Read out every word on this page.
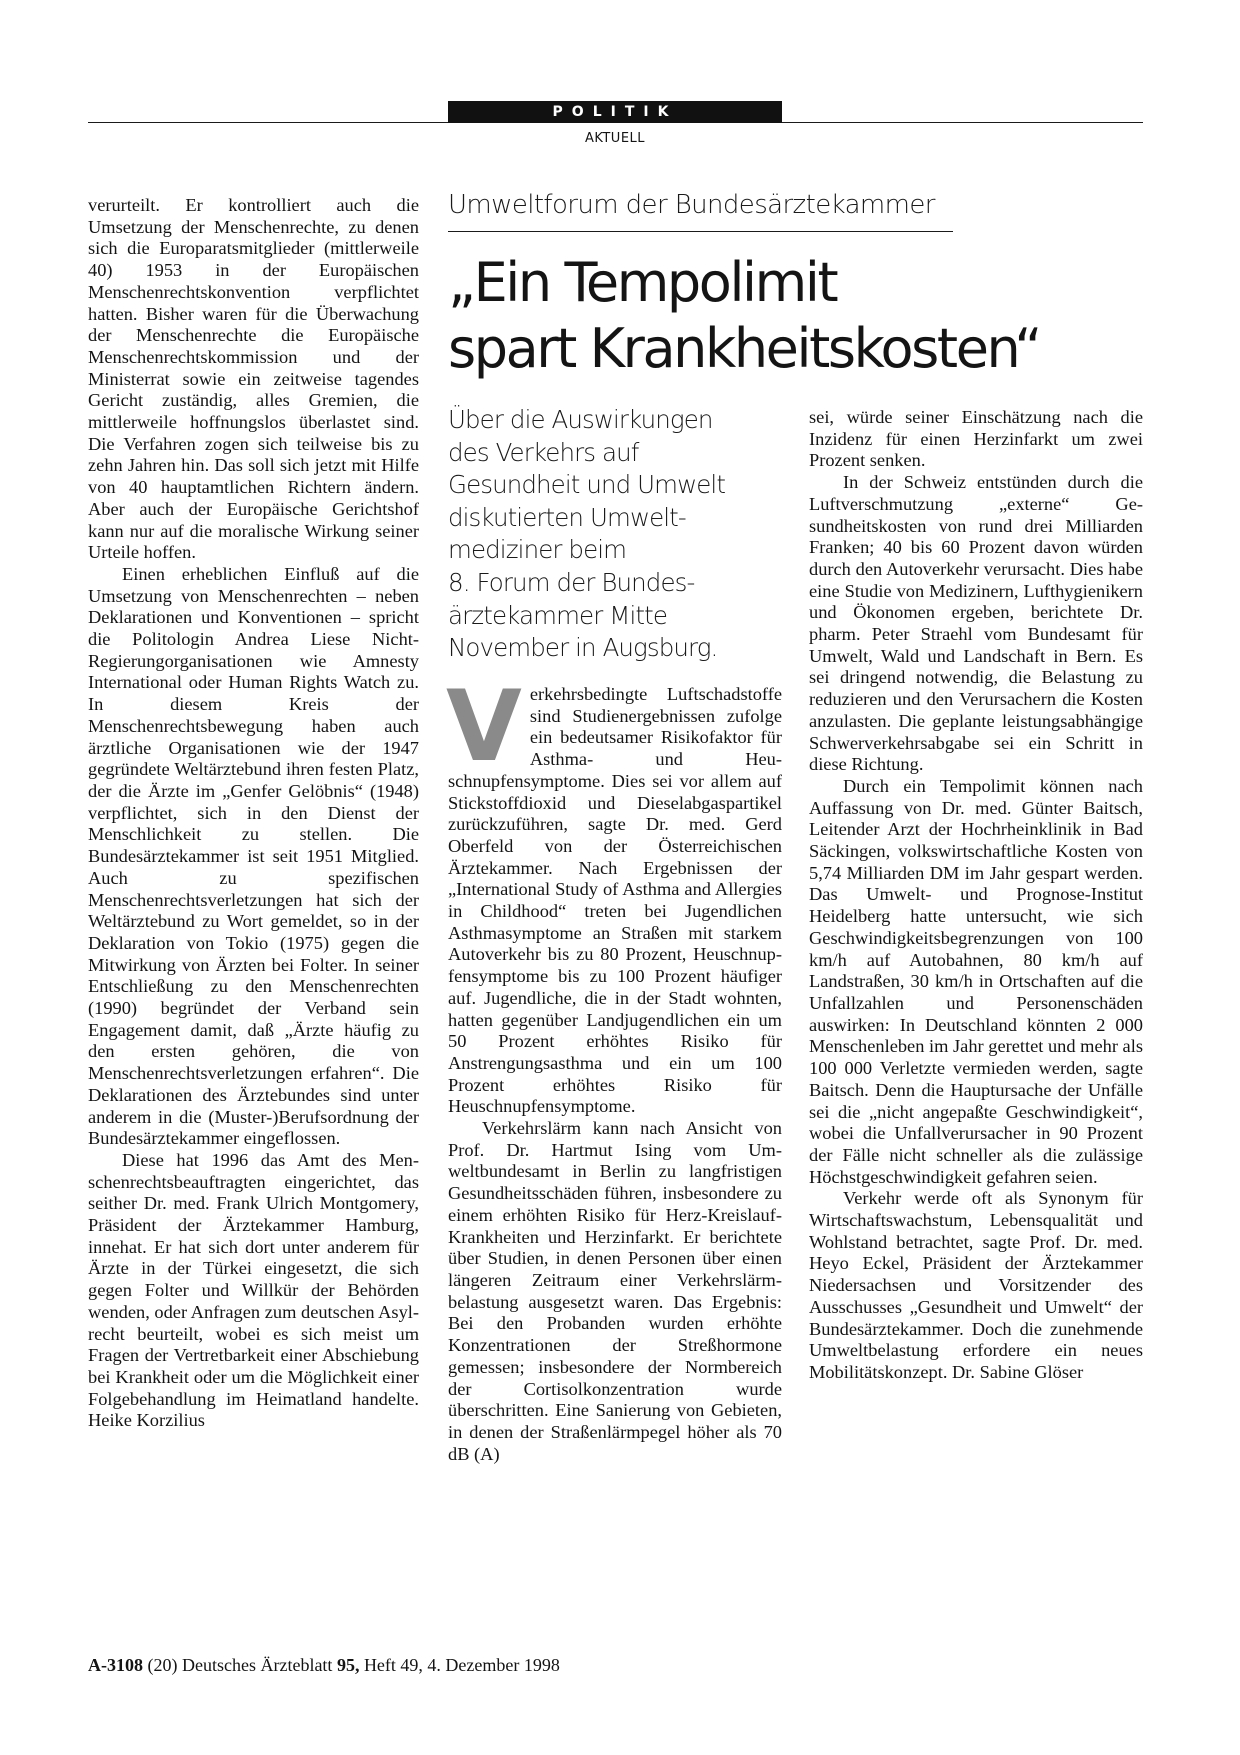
POLITIK
AKTUELL

verurteilt. Er kontrolliert auch die Umsetzung der Menschenrechte, zu denen sich die Europaratsmitglieder (mittlerweile 40) 1953 in der Europäischen Menschenrechtskonvention verpflichtet hatten. Bisher waren für die Überwachung der Menschenrechte die Europäische Menschenrechtskommission und der Ministerrat sowie ein zeitweise tagendes Gericht zuständig, alles Gremien, die mittlerweile hoffnungslos überlastet sind. Die Verfahren zogen sich teilweise bis zu zehn Jahren hin. Das soll sich jetzt mit Hilfe von 40 hauptamtlichen Richtern ändern. Aber auch der Europäische Gerichtshof kann nur auf die moralische Wirkung seiner Urteile hoffen.

Einen erheblichen Einfluß auf die Umsetzung von Menschenrechten – neben Deklarationen und Konventionen – spricht die Politologin Andrea Liese Nicht-Regierungorganisationen wie Amnesty International oder Human Rights Watch zu. In diesem Kreis der Menschenrechtsbewegung haben auch ärztliche Organisationen wie der 1947 gegründete Weltärztebund ihren festen Platz, der die Ärzte im „Genfer Gelöbnis“ (1948) verpflichtet, sich in den Dienst der Menschlichkeit zu stellen. Die Bundesärztekammer ist seit 1951 Mitglied. Auch zu spezifischen Menschenrechtsverletzungen hat sich der Weltärztebund zu Wort gemeldet, so in der Deklaration von Tokio (1975) gegen die Mitwirkung von Ärzten bei Folter. In seiner Entschließung zu den Menschenrechten (1990) begründet der Verband sein Engagement damit, daß „Ärzte häufig zu den ersten gehören, die von Menschenrechtsverletzungen erfahren“. Die Deklarationen des Ärztebundes sind unter anderem in die (Muster-)Berufsordnung der Bundesärztekammer eingeflossen.

Diese hat 1996 das Amt des Menschenrechtsbeauftragten eingerichtet, das seither Dr. med. Frank Ulrich Montgomery, Präsident der Ärztekammer Hamburg, innehat. Er hat sich dort unter anderem für Ärzte in der Türkei eingesetzt, die sich gegen Folter und Willkür der Behörden wenden, oder Anfragen zum deutschen Asylrecht beurteilt, wobei es sich meist um Fragen der Vertretbarkeit einer Abschiebung bei Krankheit oder um die Möglichkeit einer Folgebehandlung im Heimatland handelte. Heike Korzilius

Umweltforum der Bundesärztekammer
„Ein Tempolimit
spart Krankheitskosten“
Über die Auswirkungen
des Verkehrs auf
Gesundheit und Umwelt
diskutierten Umwelt-
mediziner beim
8. Forum der Bundes-
ärztekammer Mitte
November in Augsburg.

Verkehrsbedingte Luftschadstoffe sind Studienergebnissen zufolge ein bedeutsamer Risikofaktor für Asthma- und Heuschnupfensymptome. Dies sei vor allem auf Stickstoffdioxid und Dieselabgaspartikel zurückzuführen, sagte Dr. med. Gerd Oberfeld von der Österreichischen Ärztekammer. Nach Ergebnissen der „International Study of Asthma and Allergies in Childhood“ treten bei Jugendlichen Asthmasymptome an Straßen mit starkem Autoverkehr bis zu 80 Prozent, Heuschnupfensymptome bis zu 100 Prozent häufiger auf. Jugendliche, die in der Stadt wohnten, hatten gegenüber Landjugendlichen ein um 50 Prozent erhöhtes Risiko für Anstrengungsasthma und ein um 100 Prozent erhöhtes Risiko für Heuschnupfensymptome.

Verkehrslärm kann nach Ansicht von Prof. Dr. Hartmut Ising vom Umweltbundesamt in Berlin zu langfristigen Gesundheitsschäden führen, insbesondere zu einem erhöhten Risiko für Herz-Kreislauf-Krankheiten und Herzinfarkt. Er berichtete über Studien, in denen Personen über einen längeren Zeitraum einer Verkehrslärmbelastung ausgesetzt waren. Das Ergebnis: Bei den Probanden wurden erhöhte Konzentrationen der Streßhormone gemessen; insbesondere der Normbereich der Cortisolkonzentration wurde überschritten. Eine Sanierung von Gebieten, in denen der Straßenlärmpegel höher als 70 dB (A)

sei, würde seiner Einschätzung nach die Inzidenz für einen Herzinfarkt um zwei Prozent senken.

In der Schweiz entstünden durch die Luftverschmutzung „externe“ Gesundheitskosten von rund drei Milliarden Franken; 40 bis 60 Prozent davon würden durch den Autoverkehr verursacht. Dies habe eine Studie von Medizinern, Lufthygienikern und Ökonomen ergeben, berichtete Dr. pharm. Peter Straehl vom Bundesamt für Umwelt, Wald und Landschaft in Bern. Es sei dringend notwendig, die Belastung zu reduzieren und den Verursachern die Kosten anzulasten. Die geplante leistungsabhängige Schwerverkehrsabgabe sei ein Schritt in diese Richtung.

Durch ein Tempolimit können nach Auffassung von Dr. med. Günter Baitsch, Leitender Arzt der Hochrheinklinik in Bad Säckingen, volkswirtschaftliche Kosten von 5,74 Milliarden DM im Jahr gespart werden. Das Umwelt- und Prognose-Institut Heidelberg hatte untersucht, wie sich Geschwindigkeitsbegrenzungen von 100 km/h auf Autobahnen, 80 km/h auf Landstraßen, 30 km/h in Ortschaften auf die Unfallzahlen und Personenschäden auswirken: In Deutschland könnten 2 000 Menschenleben im Jahr gerettet und mehr als 100 000 Verletzte vermieden werden, sagte Baitsch. Denn die Hauptursache der Unfälle sei die „nicht angepaßte Geschwindigkeit“, wobei die Unfallverursacher in 90 Prozent der Fälle nicht schneller als die zulässige Höchstgeschwindigkeit gefahren seien.

Verkehr werde oft als Synonym für Wirtschaftswachstum, Lebensqualität und Wohlstand betrachtet, sagte Prof. Dr. med. Heyo Eckel, Präsident der Ärztekammer Niedersachsen und Vorsitzender des Ausschusses „Gesundheit und Umwelt“ der Bundesärztekammer. Doch die zunehmende Umweltbelastung erfordere ein neues Mobilitätskonzept. Dr. Sabine Glöser

A-3108 (20) Deutsches Ärzteblatt 95, Heft 49, 4. Dezember 1998
